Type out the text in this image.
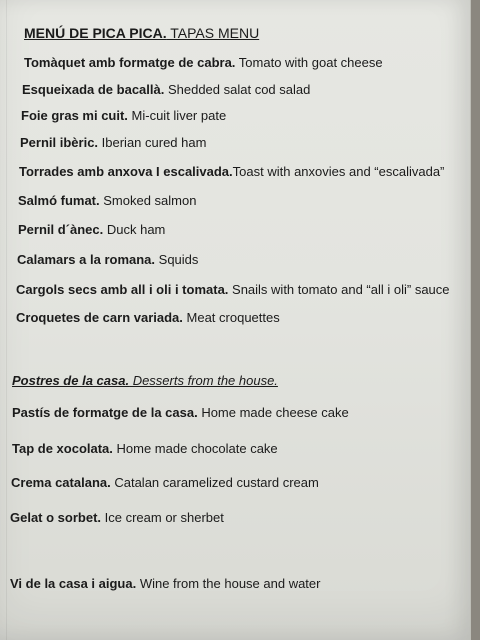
MENÚ DE PICA PICA. TAPAS MENU
Tomàquet amb formatge de cabra. Tomato with goat cheese
Esqueixada de bacallà. Shedded salat cod salad
Foie gras mi cuit. Mi-cuit liver pate
Pernil ibèric. Iberian cured ham
Torrades amb anxova I escalivada.Toast with anxovies and “escalivada”
Salmó fumat. Smoked salmon
Pernil d´ànec. Duck ham
Calamars a la romana. Squids
Cargols secs amb all i oli i tomata. Snails with tomato and “all i oli” sauce
Croquetes de carn variada. Meat croquettes
Postres de la casa. Desserts from the house.
Pastís de formatge de la casa. Home made cheese cake
Tap de xocolata. Home made chocolate cake
Crema catalana. Catalan caramelized custard cream
Gelat o sorbet. Ice cream or sherbet
Vi de la casa i aigua. Wine from the house and water
